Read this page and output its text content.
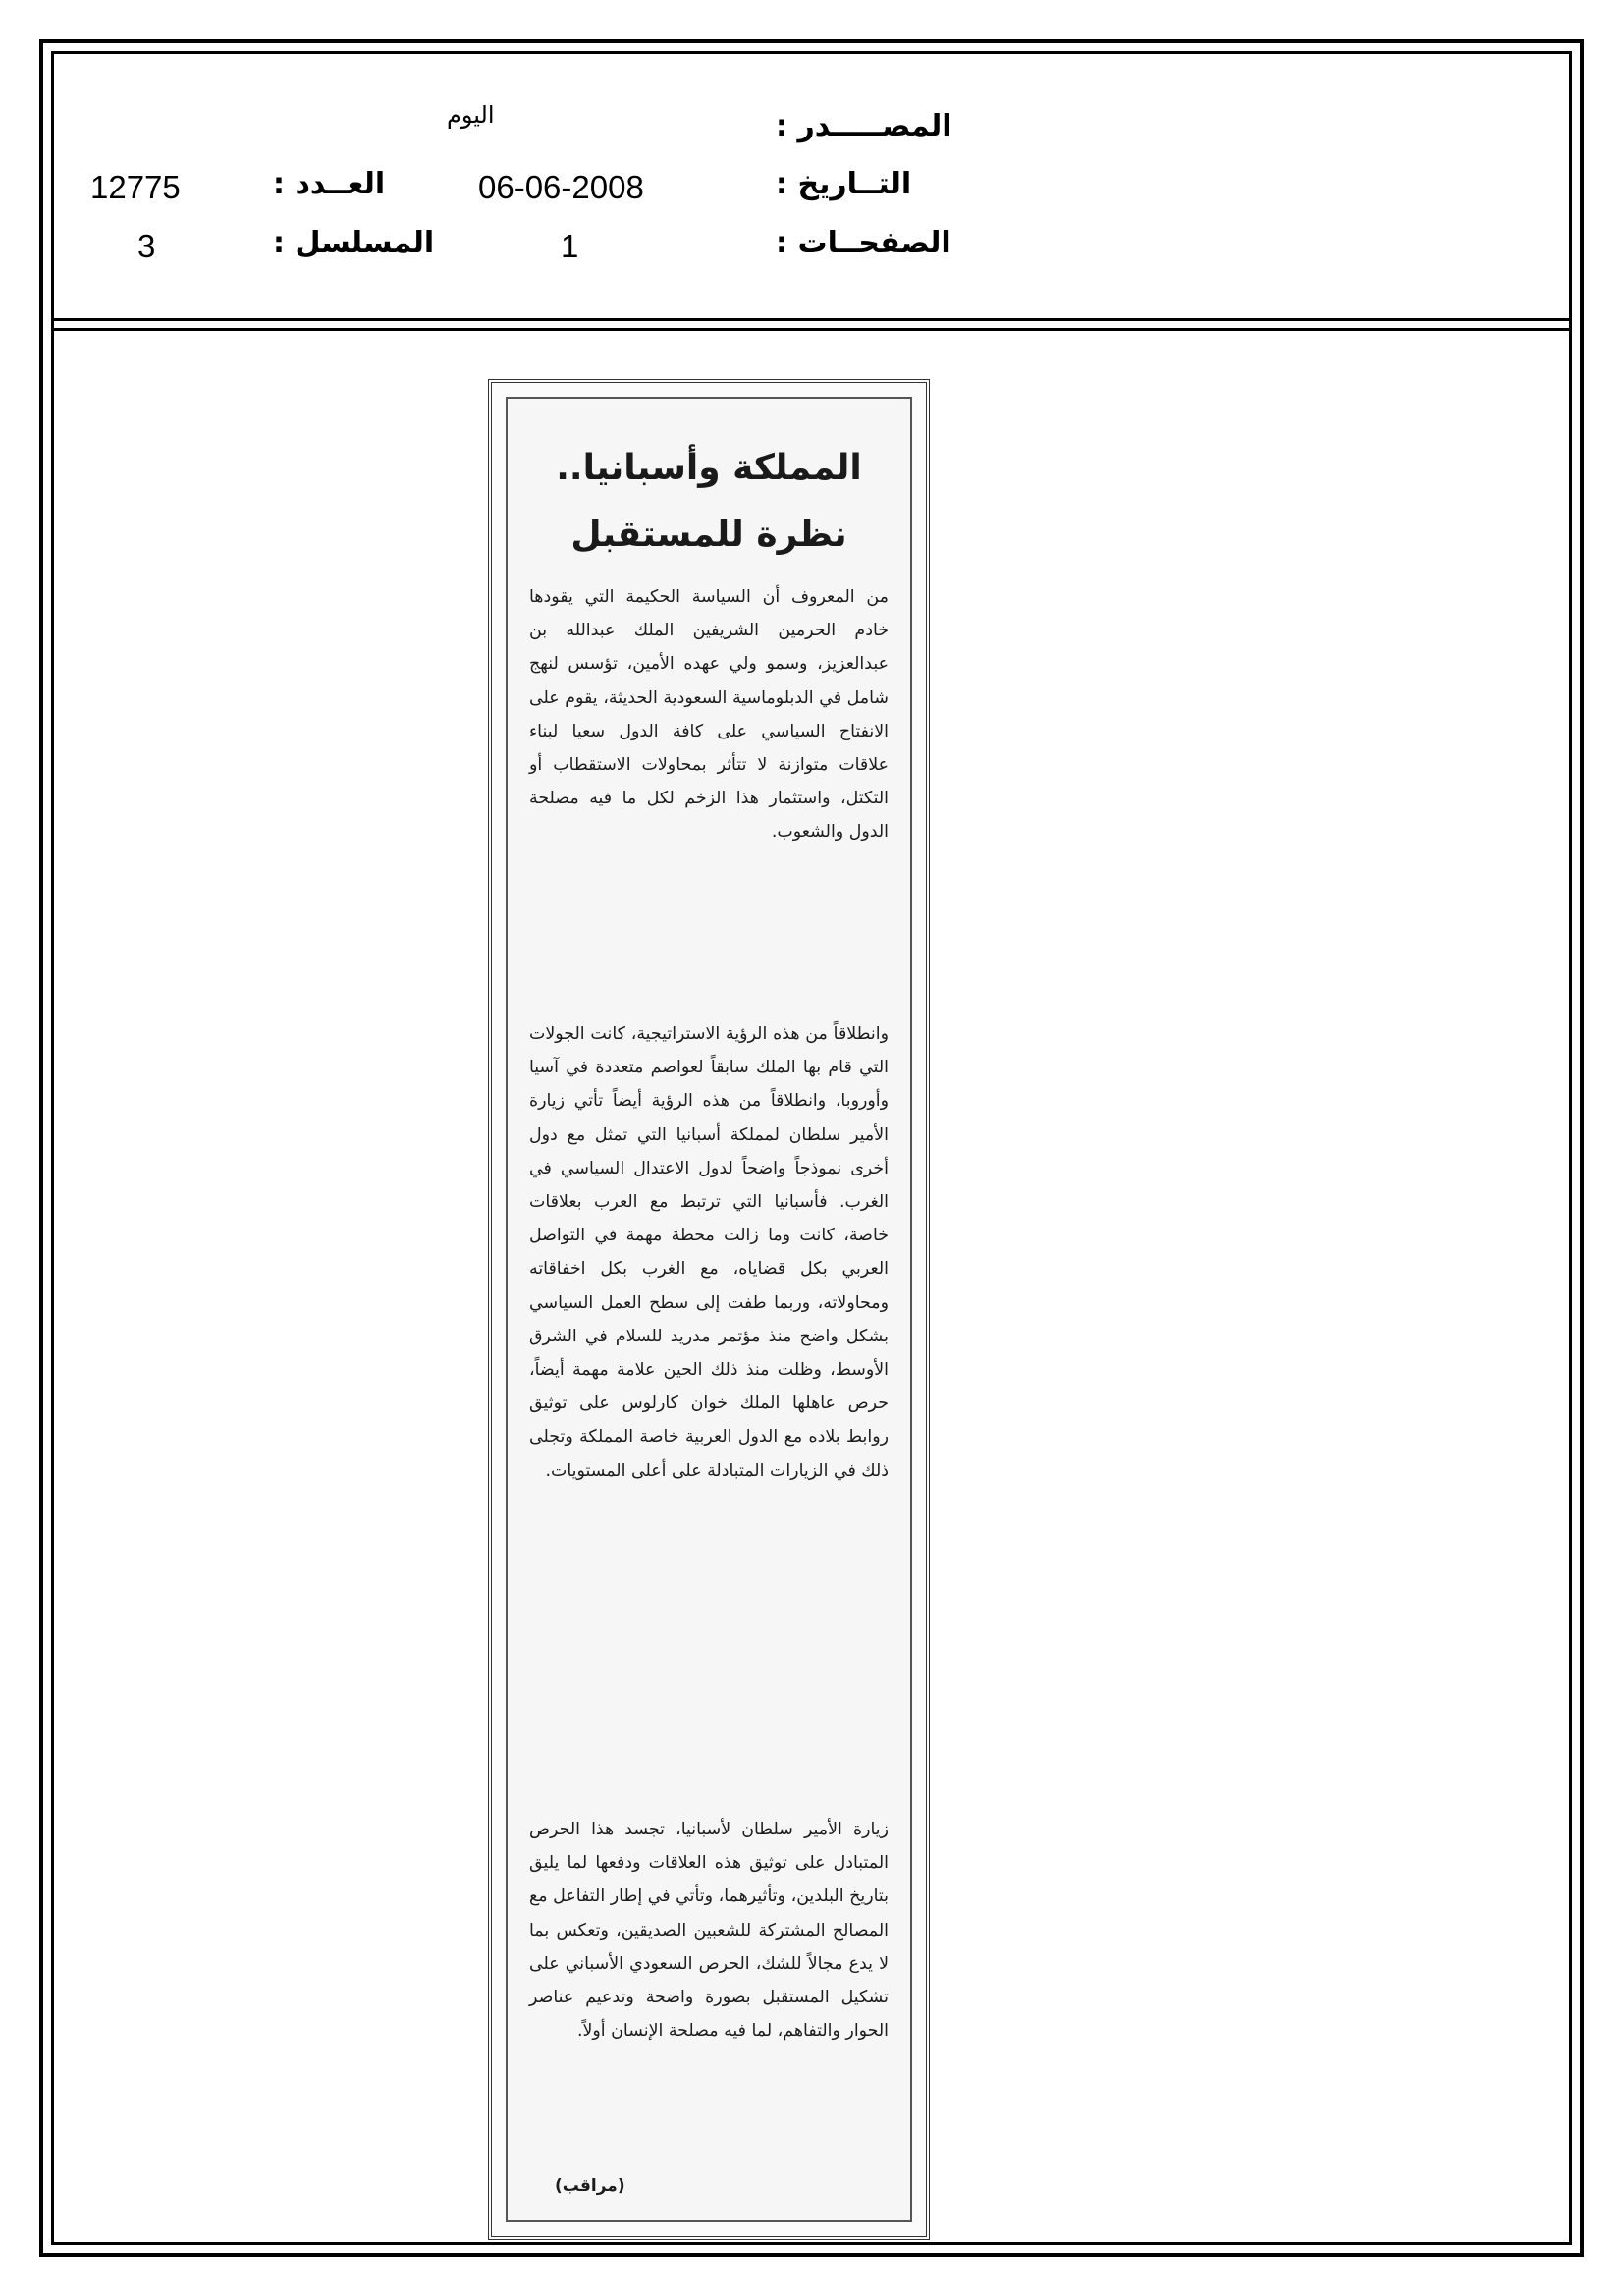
المصـــــدر :
اليوم
التــاريخ :
06-06-2008
العــدد :
12775
الصفحــات :
1
المسلسل :
3
المملكة وأسبانيا..
نظرة للمستقبل

من المعروف أن السياسة الحكيمة التي يقودها خادم الحرمين الشريفين الملك عبدالله بن عبدالعزيز، وسمو ولي عهده الأمين، تؤسس لنهج شامل في الدبلوماسية السعودية الحديثة، يقوم على الانفتاح السياسي على كافة الدول سعيا لبناء علاقات متوازنة لا تتأثر بمحاولات الاستقطاب أو التكتل، واستثمار هذا الزخم لكل ما فيه مصلحة الدول والشعوب.

وانطلاقاً من هذه الرؤية الاستراتيجية، كانت الجولات التي قام بها الملك سابقاً لعواصم متعددة في آسيا وأوروبا، وانطلاقاً من هذه الرؤية أيضاً تأتي زيارة الأمير سلطان لمملكة أسبانيا التي تمثل مع دول أخرى نموذجاً واضحاً لدول الاعتدال السياسي في الغرب. فأسبانيا التي ترتبط مع العرب بعلاقات خاصة، كانت وما زالت محطة مهمة في التواصل العربي بكل قضاياه، مع الغرب بكل اخفاقاته ومحاولاته، وربما طفت إلى سطح العمل السياسي بشكل واضح منذ مؤتمر مدريد للسلام في الشرق الأوسط، وظلت منذ ذلك الحين علامة مهمة أيضاً، حرص عاهلها الملك خوان كارلوس على توثيق روابط بلاده مع الدول العربية خاصة المملكة وتجلى ذلك في الزيارات المتبادلة على أعلى المستويات.

زيارة الأمير سلطان لأسبانيا، تجسد هذا الحرص المتبادل على توثيق هذه العلاقات ودفعها لما يليق بتاريخ البلدين، وتأثيرهما، وتأتي في إطار التفاعل مع المصالح المشتركة للشعبين الصديقين، وتعكس بما لا يدع مجالاً للشك، الحرص السعودي الأسباني على تشكيل المستقبل بصورة واضحة وتدعيم عناصر الحوار والتفاهم، لما فيه مصلحة الإنسان أولاً.

(مراقب)
